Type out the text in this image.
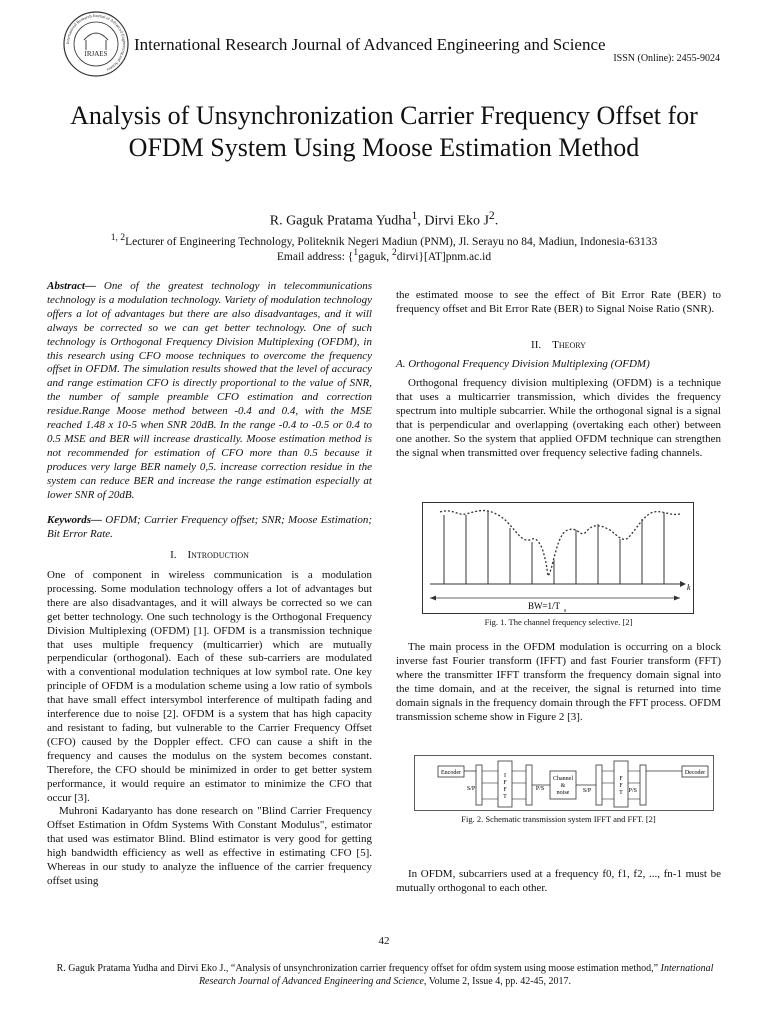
International Research Journal of Advanced Engineering and Science
IRJAES International Research Journal of Advanced Engineering and Science
ISSN (Online): 2455-9024
Analysis of Unsynchronization Carrier Frequency Offset for OFDM System Using Moose Estimation Method
R. Gaguk Pratama Yudha$^1$, Dirvi Eko $J^2$.
$^{1, 2}$Lecturer of Engineering Technology, Politeknik Negeri Madiun (PNM), Jl. Serayu no 84, Madiun, Indonesia-63133
Email address: {$^1$gaguk, $^2$dirvi}[AT]pnm.ac.id

Abstract— One of the greatest technology in telecommunications technology is a modulation technology. Variety of modulation technology offers a lot of advantages but there are also disadvantages, and it will always be corrected so we can get better technology. One of such technology is Orthogonal Frequency Division Multiplexing (OFDM), in this research using CFO moose techniques to overcome the frequency offset in OFDM. The simulation results showed that the level of accuracy and range estimation CFO is directly proportional to the value of SNR, the number of sample preamble CFO estimation and correction residue.Range Moose method between -0.4 and 0.4, with the MSE reached 1.48 x 10-5 when SNR 20dB. In the range -0.4 to -0.5 or 0.4 to 0.5 MSE and BER will increase drastically. Moose estimation method is not recommended for estimation of CFO more than 0.5 because it produces very large BER namely 0,5. increase correction residue in the system can reduce BER and increase the range estimation especially at lower SNR of 20dB.

Keywords— OFDM; Carrier Frequency offset; SNR; Moose Estimation; Bit Error Rate.

I. Introduction

One of component in wireless communication is a modulation processing. Some modulation technology offers a lot of advantages but there are also disadvantages, and it will always be corrected so we can get better technology. One such technology is the Orthogonal Frequency Division Multiplexing (OFDM) [1]. OFDM is a transmission technique that uses multiple frequency (multicarrier) which are mutually perpendicular (orthogonal). Each of these sub-carriers are modulated with a conventional modulation techniques at low symbol rate. One key principle of OFDM is a modulation scheme using a low ratio of symbols that have small effect intersymbol interference of multipath fading and interference due to noise [2]. OFDM is a system that has high capacity and resistant to fading, but vulnerable to the Carrier Frequency Offset (CFO) caused by the Doppler effect. CFO can cause a shift in the frequency and causes the modulus on the system becomes constant. Therefore, the CFO should be minimized in order to get better system performance, it would require an estimator to minimize the CFO that occur [3].

Muhroni Kadaryanto has done research on "Blind Carrier Frequency Offset Estimation in Ofdm Systems With Constant Modulus", estimator that used was estimator Blind. Blind estimator is very good for getting high bandwidth efficiency as well as effective in estimating CFO [5]. Whereas in our study to analyze the influence of the carrier frequency offset using

the estimated moose to see the effect of Bit Error Rate (BER) to frequency offset and Bit Error Rate (BER) to Signal Noise Ratio (SNR).

II. Theory
A. Orthogonal Frequency Division Multiplexing (OFDM)

Orthogonal frequency division multiplexing (OFDM) is a technique that uses a multicarrier transmission, which divides the frequency spectrum into multiple subcarrier. While the orthogonal signal is a signal that is perpendicular and overlapping (overtaking each other) between one another. So the system that applied OFDM technique can strengthen the signal when transmitted over frequency selective fading channels.

k
BW=1/T s
Fig. 1. The channel frequency selective. [2]

The main process in the OFDM modulation is occurring on a block inverse fast Fourier transform (IFFT) and fast Fourier transform (FFT) where the transmitter IFFT transform the frequency domain signal into the time domain, and at the receiver, the signal is returned into time domain signals in the frequency domain through the FFT process. OFDM transmission scheme show in Figure 2 [3].

Encoder
S/P
I
F
F
T
P/S
Channel
&
noise S/P
F
F
T P/S
Decoder
Fig. 2. Schematic transmission system IFFT and FFT. [2]

In OFDM, subcarriers used at a frequency f0, f1, f2, ..., fn-1 must be mutually orthogonal to each other.

42
R. Gaguk Pratama Yudha and Dirvi Eko J., “Analysis of unsynchronization carrier frequency offset for ofdm system using moose estimation method,” International Research Journal of Advanced Engineering and Science, Volume 2, Issue 4, pp. 42-45, 2017.
